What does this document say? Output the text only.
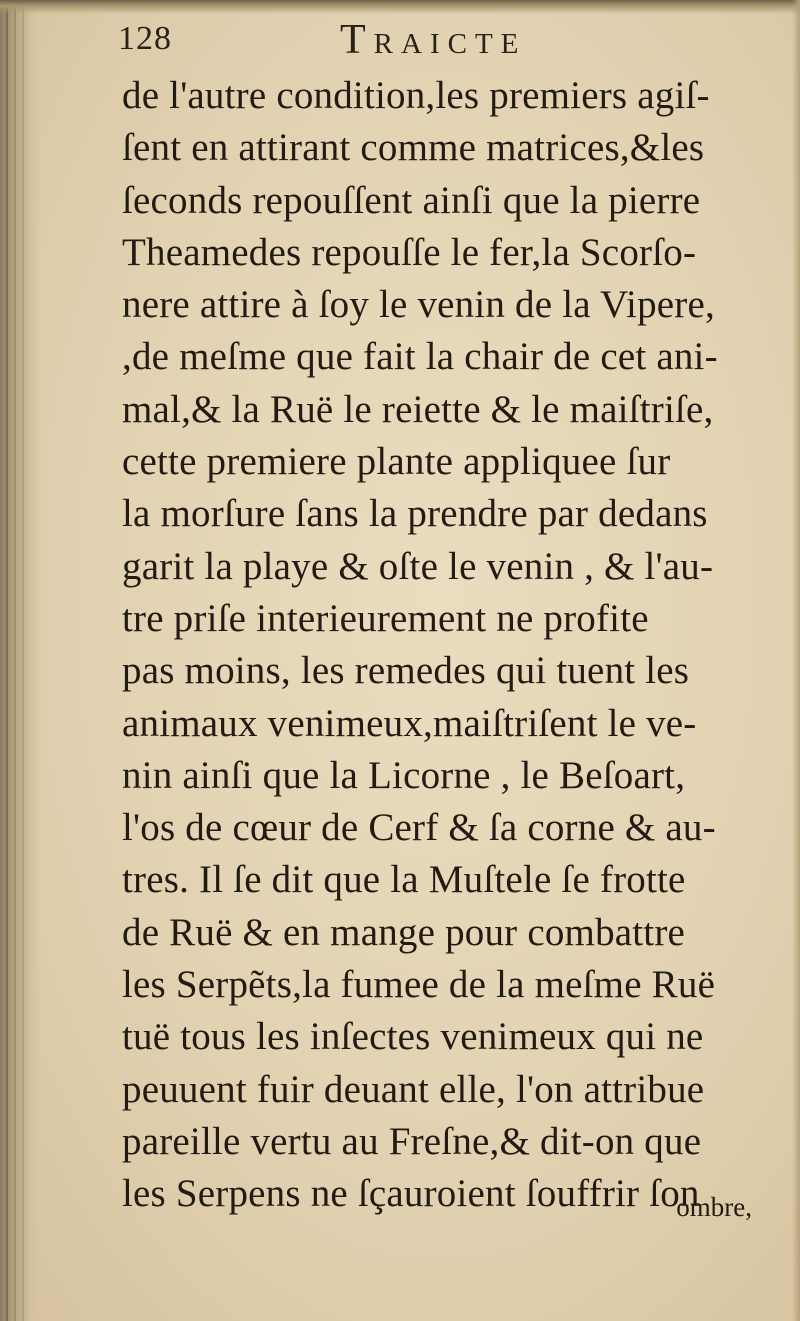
128	Traicte
de l'autre condition,les premiers agiſ-
ſent en attirant comme matrices,&les
ſeconds repouſſent ainſi que la pierre
Theamedes repouſſe le fer,la Scorſo-
nere attire à ſoy le venin de la Vipere,
,de meſme que fait la chair de cet ani-
mal,& la Ruë le reiette & le maiſtriſe,
cette premiere plante appliquee ſur
la morſure ſans la prendre par dedans
garit la playe & oſte le venin , & l'au-
tre priſe interieurement ne profite
pas moins, les remedes qui tuent les
animaux venimeux,maiſtriſent le ve-
nin ainſi que la Licorne , le Beſoart,
l'os de cœur de Cerf & ſa corne & au-
tres. Il ſe dit que la Muſtele ſe frotte
de Ruë & en mange pour combattre
les Serpẽts,la fumee de la meſme Ruë
tuë tous les inſectes venimeux qui ne
peuuent fuir deuant elle, l'on attribue
pareille vertu au Freſne,& dit-on que
les Serpens ne ſçauroient ſouffrir ſon
ombre,
